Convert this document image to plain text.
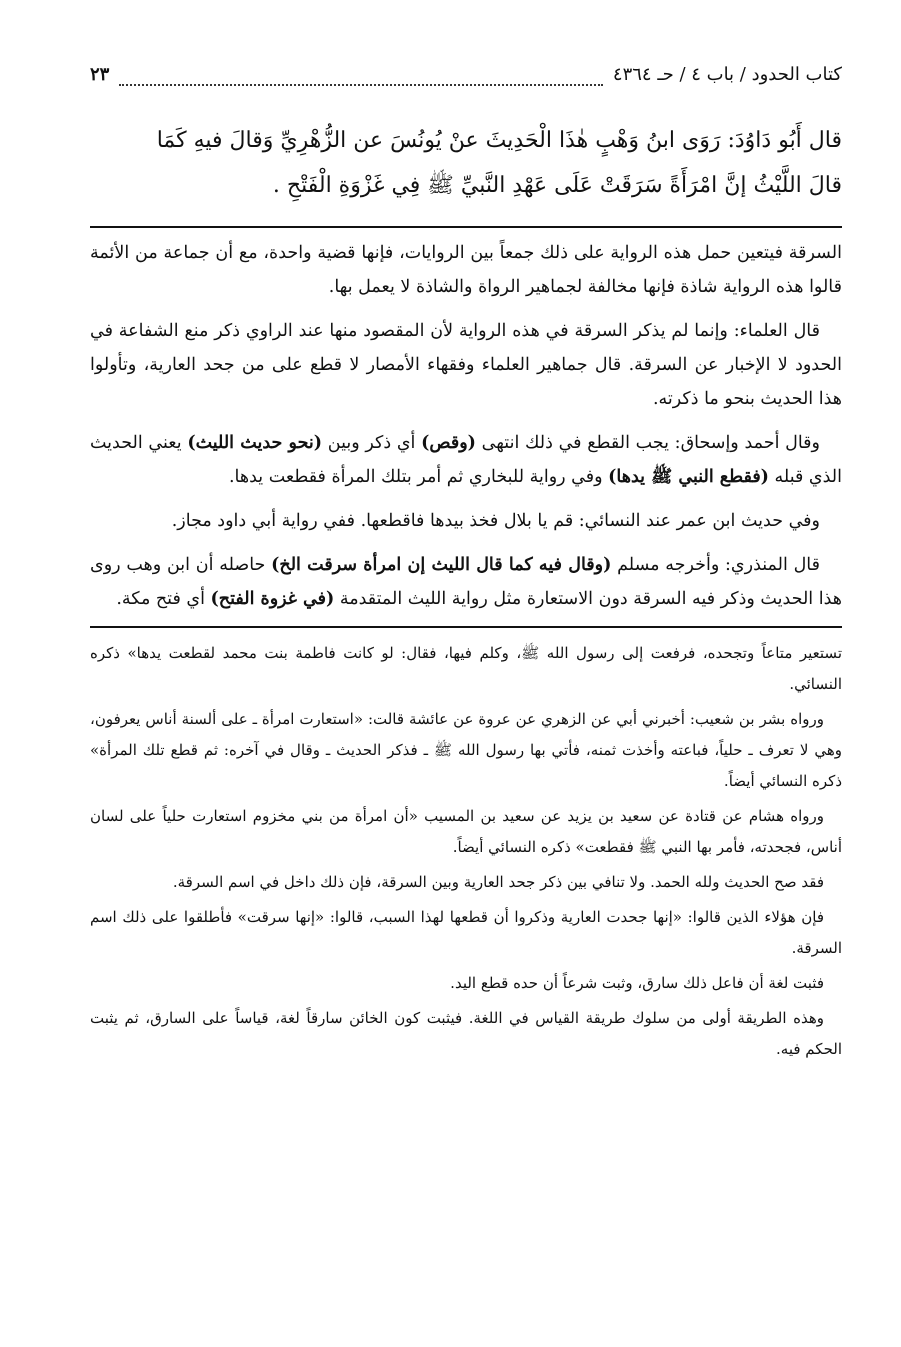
كتاب الحدود / باب ٤ / حـ ٤٣٦٤
٢٣

قال أَبُو دَاوُدَ: رَوَى ابنُ وَهْبٍ هٰذَا الْحَدِيثَ عنْ يُونُسَ عن الزُّهْرِيِّ وَقالَ فيهِ كَمَا

قالَ اللَّيْثُ إنَّ امْرَأَةً سَرَقَتْ عَلَى عَهْدِ النَّبيِّ ﷺ فِي غَزْوَةِ الْفَتْحِ .

السرقة فيتعين حمل هذه الرواية على ذلك جمعاً بين الروايات، فإنها قضية واحدة، مع أن جماعة من الأئمة قالوا هذه الرواية شاذة فإنها مخالفة لجماهير الرواة والشاذة لا يعمل بها.

قال العلماء: وإنما لم يذكر السرقة في هذه الرواية لأن المقصود منها عند الراوي ذكر منع الشفاعة في الحدود لا الإخبار عن السرقة. قال جماهير العلماء وفقهاء الأمصار لا قطع على من جحد العارية، وتأولوا هذا الحديث بنحو ما ذكرته.

وقال أحمد وإسحاق: يجب القطع في ذلك انتهى (وقص) أي ذكر وبين (نحو حديث الليث) يعني الحديث الذي قبله (فقطع النبي ﷺ يدها) وفي رواية للبخاري ثم أمر بتلك المرأة فقطعت يدها.

وفي حديث ابن عمر عند النسائي: قم يا بلال فخذ بيدها فاقطعها. ففي رواية أبي داود مجاز.

قال المنذري: وأخرجه مسلم (وقال فيه كما قال الليث إن امرأة سرقت الخ) حاصله أن ابن وهب روى هذا الحديث وذكر فيه السرقة دون الاستعارة مثل رواية الليث المتقدمة (في غزوة الفتح) أي فتح مكة.

تستعير متاعاً وتجحده، فرفعت إلى رسول الله ﷺ، وكلم فيها، فقال: لو كانت فاطمة بنت محمد لقطعت يدها» ذكره النسائي.

ورواه بشر بن شعيب: أخبرني أبي عن الزهري عن عروة عن عائشة قالت: «استعارت امرأة ـ على ألسنة أناس يعرفون، وهي لا تعرف ـ حلياً، فباعته وأخذت ثمنه، فأتي بها رسول الله ﷺ ـ فذكر الحديث ـ وقال في آخره: ثم قطع تلك المرأة» ذكره النسائي أيضاً.

ورواه هشام عن قتادة عن سعيد بن يزيد عن سعيد بن المسيب «أن امرأة من بني مخزوم استعارت حلياً على لسان أناس، فجحدته، فأمر بها النبي ﷺ فقطعت» ذكره النسائي أيضاً.

فقد صح الحديث ولله الحمد. ولا تنافي بين ذكر جحد العارية وبين السرقة، فإن ذلك داخل في اسم السرقة.

فإن هؤلاء الذين قالوا: «إنها جحدت العارية وذكروا أن قطعها لهذا السبب، قالوا: «إنها سرقت» فأطلقوا على ذلك اسم السرقة.

فثبت لغة أن فاعل ذلك سارق، وثبت شرعاً أن حده قطع اليد.

وهذه الطريقة أولى من سلوك طريقة القياس في اللغة. فيثبت كون الخائن سارقاً لغة، قياساً على السارق، ثم يثبت الحكم فيه.
